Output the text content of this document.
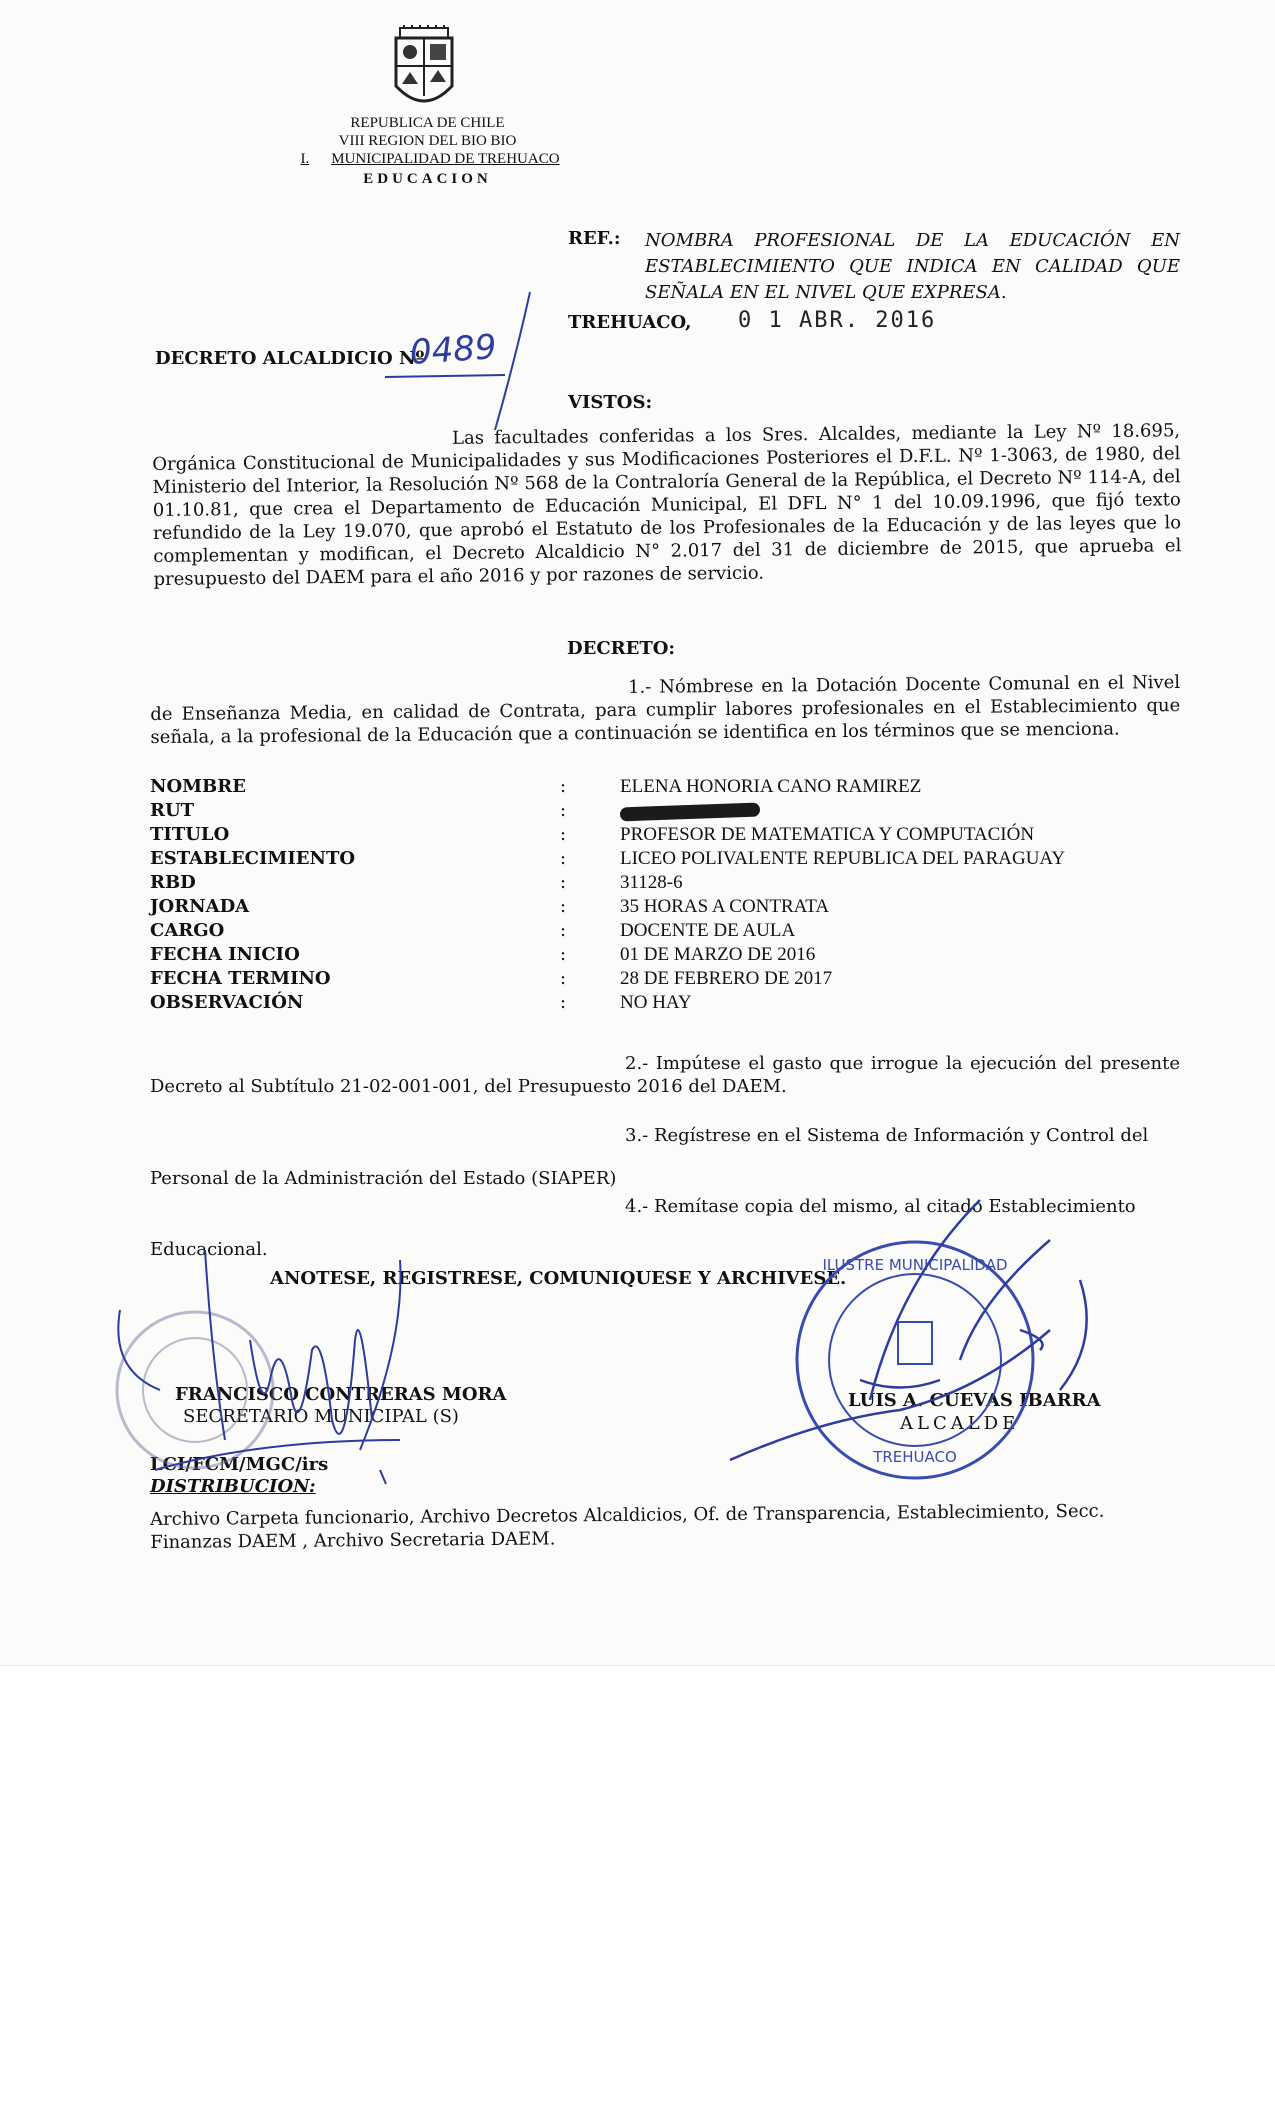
REPUBLICA DE CHILE
VIII REGION DEL BIO BIO
I. MUNICIPALIDAD DE TREHUACO
EDUCACION
REF.: NOMBRA PROFESIONAL DE LA EDUCACIÓN EN ESTABLECIMIENTO QUE INDICA EN CALIDAD QUE SEÑALA EN EL NIVEL QUE EXPRESA.
TREHUACO, 0 1 ABR. 2016
DECRETO ALCALDICIO Nº
0489
VISTOS:
Las facultades conferidas a los Sres. Alcaldes, mediante la Ley Nº 18.695, Orgánica Constitucional de Municipalidades y sus Modificaciones Posteriores el D.F.L. Nº 1-3063, de 1980, del Ministerio del Interior, la Resolución Nº 568 de la Contraloría General de la República, el Decreto Nº 114-A, del 01.10.81, que crea el Departamento de Educación Municipal, El DFL N° 1 del 10.09.1996, que fijó texto refundido de la Ley 19.070, que aprobó el Estatuto de los Profesionales de la Educación y de las leyes que lo complementan y modifican, el Decreto Alcaldicio N° 2.017 del 31 de diciembre de 2015, que aprueba el presupuesto del DAEM para el año 2016 y por razones de servicio.
DECRETO:
1.- Nómbrese en la Dotación Docente Comunal en el Nivel de Enseñanza Media, en calidad de Contrata, para cumplir labores profesionales en el Establecimiento que señala, a la profesional de la Educación que a continuación se identifica en los términos que se menciona.
NOMBRE	:	ELENA HONORIA CANO RAMIREZ
RUT	:
TITULO	:	PROFESOR DE MATEMATICA Y COMPUTACIÓN
ESTABLECIMIENTO	:	LICEO POLIVALENTE REPUBLICA DEL PARAGUAY
RBD	:	31128-6
JORNADA	:	35 HORAS A CONTRATA
CARGO	:	DOCENTE DE AULA
FECHA INICIO	:	01 DE MARZO DE 2016
FECHA TERMINO	:	28 DE FEBRERO DE 2017
OBSERVACIÓN	:	NO HAY
2.- Impútese el gasto que irrogue la ejecución del presente Decreto al Subtítulo 21-02-001-001, del Presupuesto 2016 del DAEM.
3.- Regístrese en el Sistema de Información y Control del
Personal de la Administración del Estado (SIAPER)
4.- Remítase copia del mismo, al citado Establecimiento
Educacional.
ANOTESE, REGISTRESE, COMUNIQUESE Y ARCHIVESE.
FRANCISCO CONTRERAS MORA
SECRETARIO MUNICIPAL (S)
LUIS A. CUEVAS IBARRA
ALCALDE
LCI/FCM/MGC/irs
DISTRIBUCION:
Archivo Carpeta funcionario, Archivo Decretos Alcaldicios, Of. de Transparencia, Establecimiento, Secc. Finanzas DAEM , Archivo Secretaria DAEM.
ILUSTRE MUNICIPALIDAD
TREHUACO
